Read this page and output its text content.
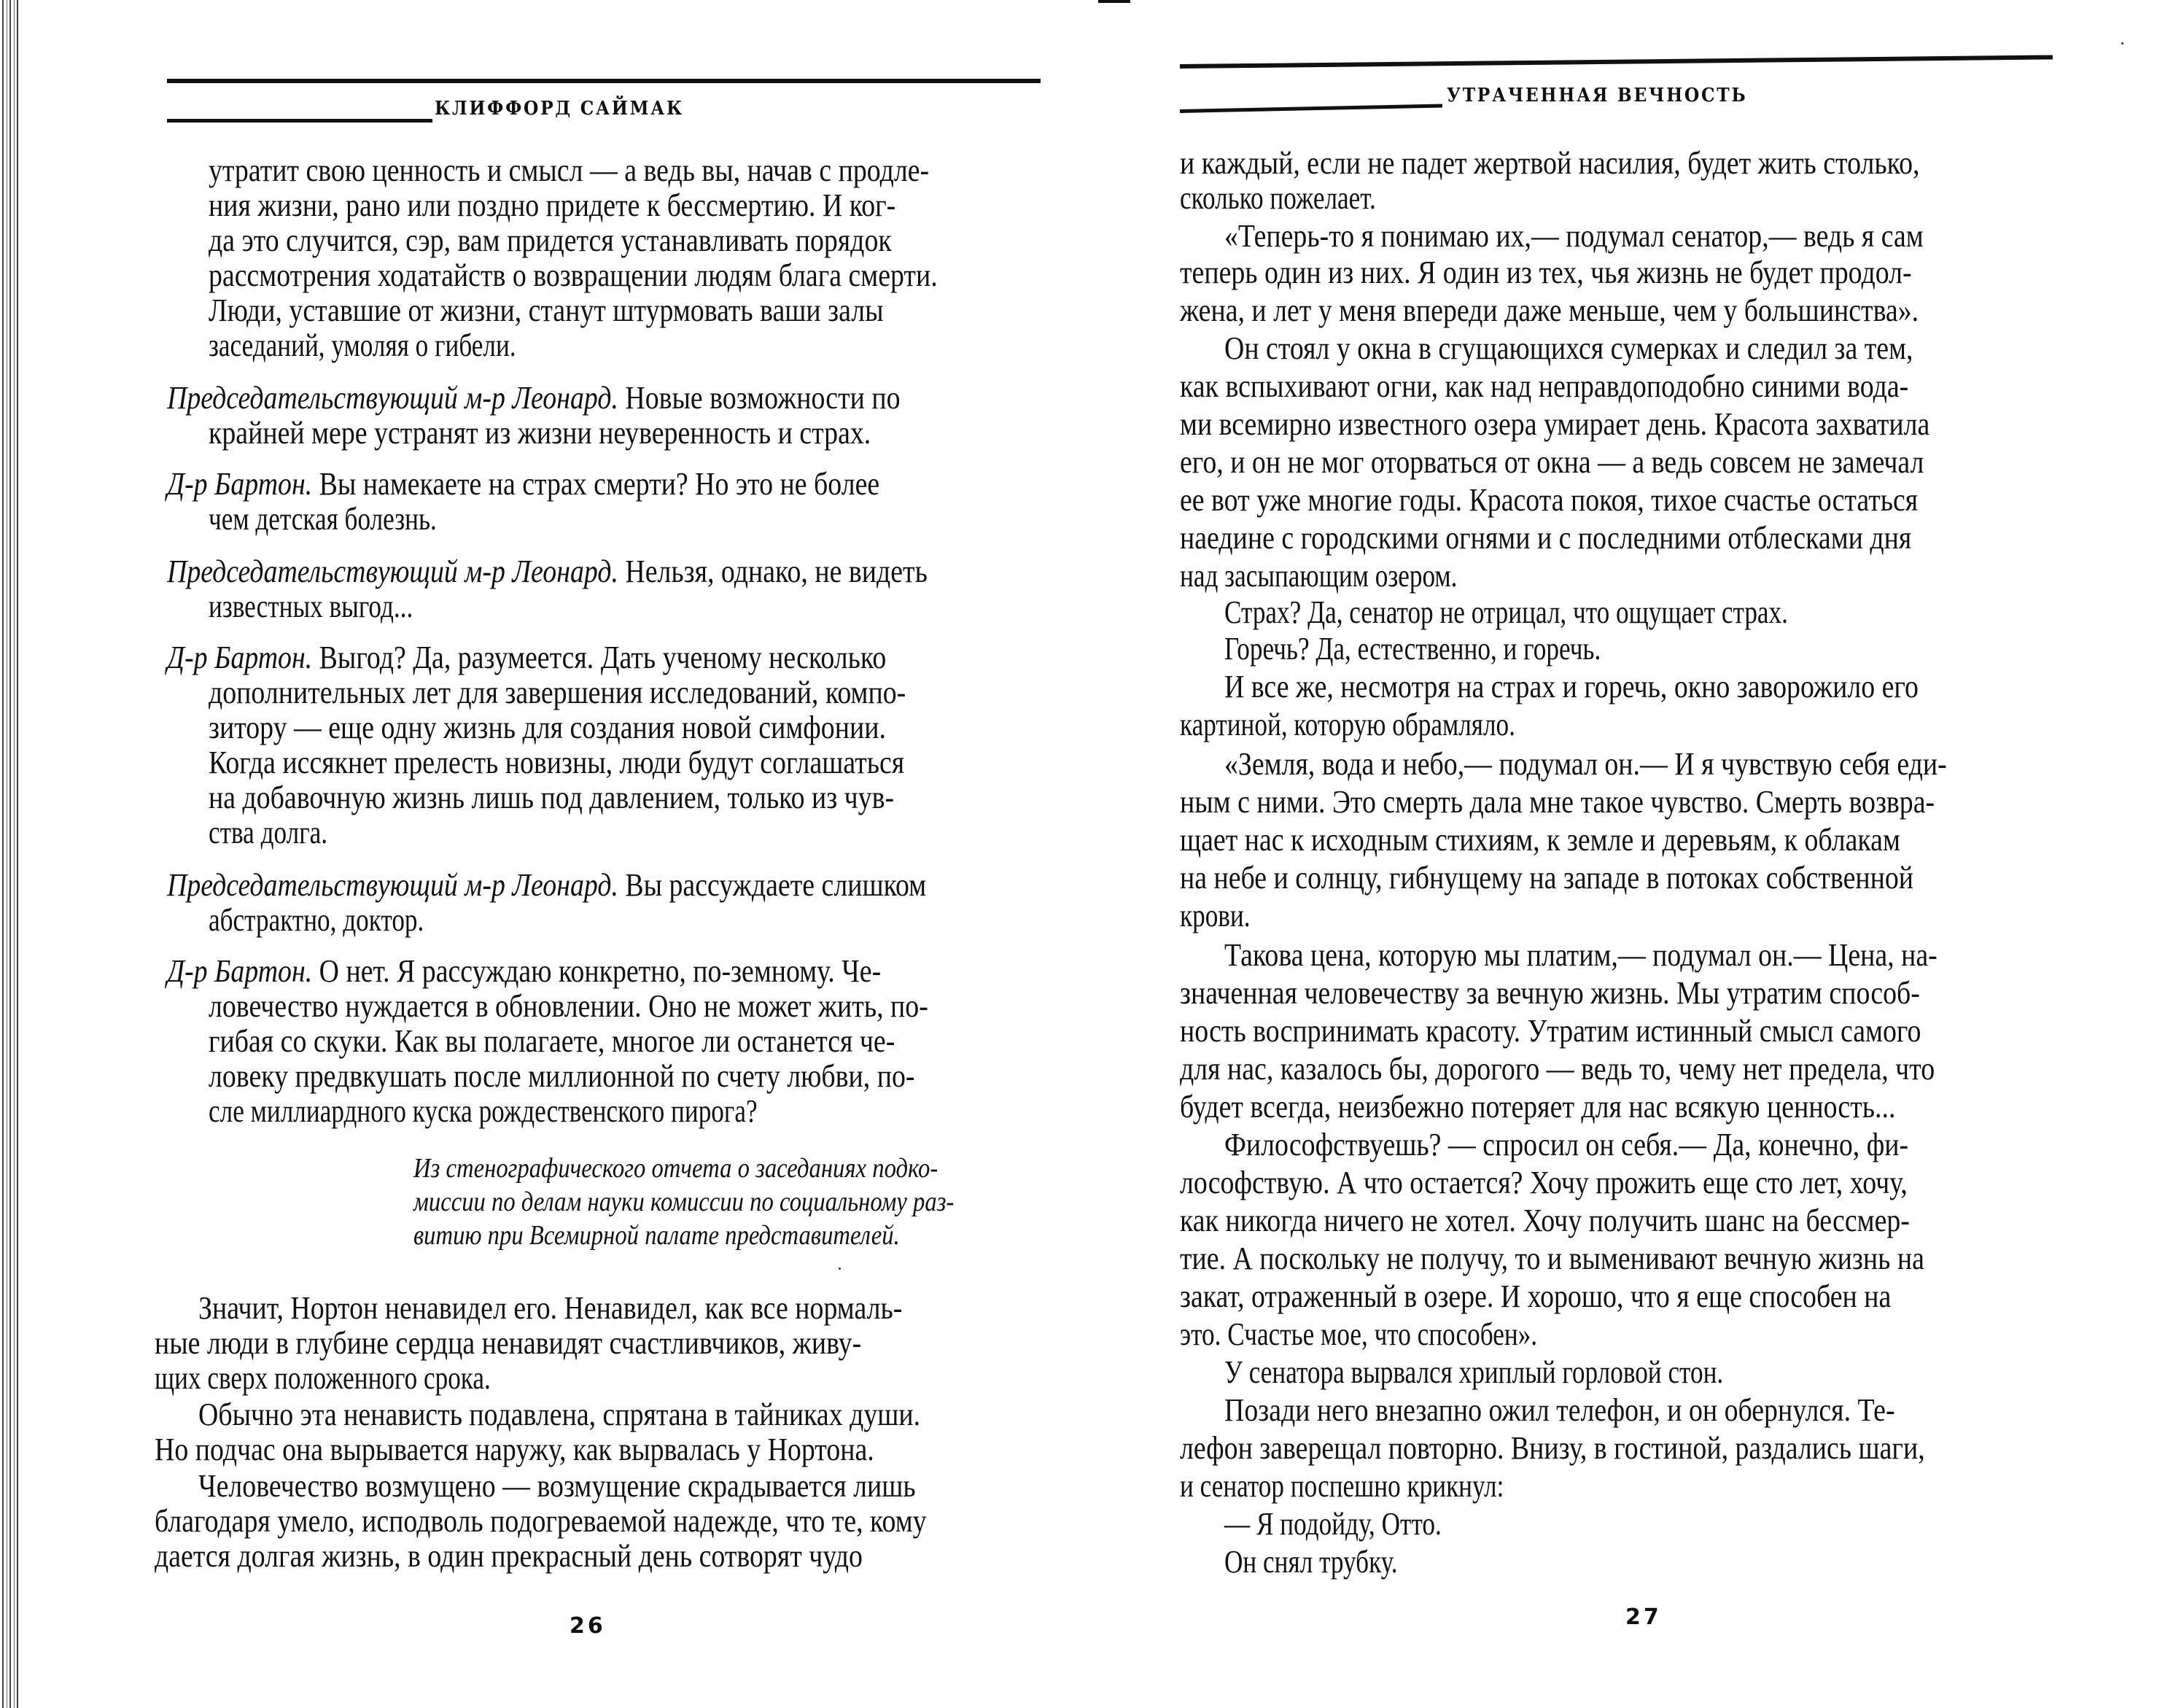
КЛИФФОРД САЙМАК
утратит свою ценность и смысл — а ведь вы, начав с продле-
ния жизни, рано или поздно придете к бессмертию. И ког-
да это случится, сэр, вам придется устанавливать порядок
рассмотрения ходатайств о возвращении людям блага смерти.
Люди, уставшие от жизни, станут штурмовать ваши залы
заседаний, умоляя о гибели.
Председательствующий м-р Леонард. Новые возможности по
крайней мере устранят из жизни неуверенность и страх.
Д-р Бартон. Вы намекаете на страх смерти? Но это не более
чем детская болезнь.
Председательствующий м-р Леонард. Нельзя, однако, не видеть
известных выгод...
Д-р Бартон. Выгод? Да, разумеется. Дать ученому несколько
дополнительных лет для завершения исследований, компо-
зитору — еще одну жизнь для создания новой симфонии.
Когда иссякнет прелесть новизны, люди будут соглашаться
на добавочную жизнь лишь под давлением, только из чув-
ства долга.
Председательствующий м-р Леонард. Вы рассуждаете слишком
абстрактно, доктор.
Д-р Бартон. О нет. Я рассуждаю конкретно, по-земному. Че-
ловечество нуждается в обновлении. Оно не может жить, по-
гибая со скуки. Как вы полагаете, многое ли останется че-
ловеку предвкушать после миллионной по счету любви, по-
сле миллиардного куска рождественского пирога?
Из стенографического отчета о заседаниях подко-
миссии по делам науки комиссии по социальному раз-
витию при Всемирной палате представителей.
Значит, Нортон ненавидел его. Ненавидел, как все нормаль-
ные люди в глубине сердца ненавидят счастливчиков, живу-
щих сверх положенного срока.
Обычно эта ненависть подавлена, спрятана в тайниках души.
Но подчас она вырывается наружу, как вырвалась у Нортона.
Человечество возмущено — возмущение скрадывается лишь
благодаря умело, исподволь подогреваемой надежде, что те, кому
дается долгая жизнь, в один прекрасный день сотворят чудо
26
УТРАЧЕННАЯ ВЕЧНОСТЬ
и каждый, если не падет жертвой насилия, будет жить столько,
сколько пожелает.
«Теперь-то я понимаю их,— подумал сенатор,— ведь я сам
теперь один из них. Я один из тех, чья жизнь не будет продол-
жена, и лет у меня впереди даже меньше, чем у большинства».
Он стоял у окна в сгущающихся сумерках и следил за тем,
как вспыхивают огни, как над неправдоподобно синими вода-
ми всемирно известного озера умирает день. Красота захватила
его, и он не мог оторваться от окна — а ведь совсем не замечал
ее вот уже многие годы. Красота покоя, тихое счастье остаться
наедине с городскими огнями и с последними отблесками дня
над засыпающим озером.
Страх? Да, сенатор не отрицал, что ощущает страх.
Горечь? Да, естественно, и горечь.
И все же, несмотря на страх и горечь, окно заворожило его
картиной, которую обрамляло.
«Земля, вода и небо,— подумал он.— И я чувствую себя еди-
ным с ними. Это смерть дала мне такое чувство. Смерть возвра-
щает нас к исходным стихиям, к земле и деревьям, к облакам
на небе и солнцу, гибнущему на западе в потоках собственной
крови.
Такова цена, которую мы платим,— подумал он.— Цена, на-
значенная человечеству за вечную жизнь. Мы утратим способ-
ность воспринимать красоту. Утратим истинный смысл самого
для нас, казалось бы, дорогого — ведь то, чему нет предела, что
будет всегда, неизбежно потеряет для нас всякую ценность...
Философствуешь? — спросил он себя.— Да, конечно, фи-
лософствую. А что остается? Хочу прожить еще сто лет, хочу,
как никогда ничего не хотел. Хочу получить шанс на бессмер-
тие. А поскольку не получу, то и выменивают вечную жизнь на
закат, отраженный в озере. И хорошо, что я еще способен на
это. Счастье мое, что способен».
У сенатора вырвался хриплый горловой стон.
Позади него внезапно ожил телефон, и он обернулся. Те-
лефон заверещал повторно. Внизу, в гостиной, раздались шаги,
и сенатор поспешно крикнул:
— Я подойду, Отто.
Он снял трубку.
27
